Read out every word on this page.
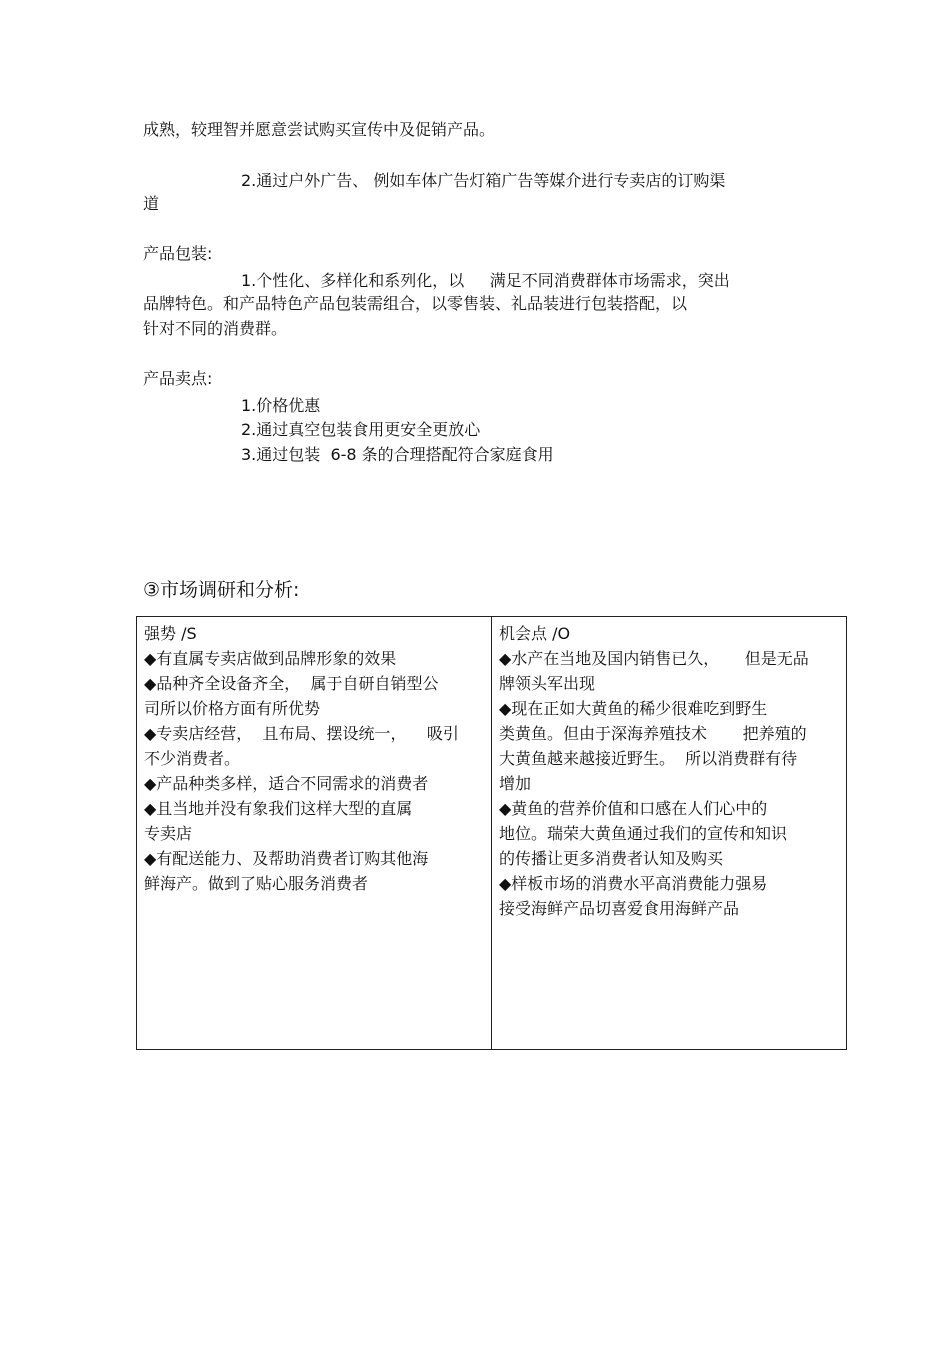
成熟，较理智并愿意尝试购买宣传中及促销产品。
2.通过户外广告、 例如车体广告灯箱广告等媒介进行专卖店的订购渠
道
产品包装:
1.个性化、多样化和系列化，以     满足不同消费群体市场需求，突出
品牌特色。和产品特色产品包装需组合，以零售装、礼品装进行包装搭配，以
针对不同的消费群。
产品卖点:
1.价格优惠
2.通过真空包装食用更安全更放心
3.通过包装  6-8 条的合理搭配符合家庭食用
③市场调研和分析:
强势 /S
◆有直属专卖店做到品牌形象的效果
◆品种齐全设备齐全，  属于自研自销型公
司所以价格方面有所优势
◆专卖店经营，  且布局、摆设统一，    吸引
不少消费者。
◆产品种类多样，适合不同需求的消费者
◆且当地并没有象我们这样大型的直属
专卖店
◆有配送能力、及帮助消费者订购其他海
鲜海产。做到了贴心服务消费者

机会点 /O
◆水产在当地及国内销售已久，     但是无品
牌领头军出现
◆现在正如大黄鱼的稀少很难吃到野生
类黄鱼。但由于深海养殖技术       把养殖的
大黄鱼越来越接近野生。  所以消费群有待
增加
◆黄鱼的营养价值和口感在人们心中的
地位。瑞荣大黄鱼通过我们的宣传和知识
的传播让更多消费者认知及购买
◆样板市场的消费水平高消费能力强易
接受海鲜产品切喜爱食用海鲜产品
